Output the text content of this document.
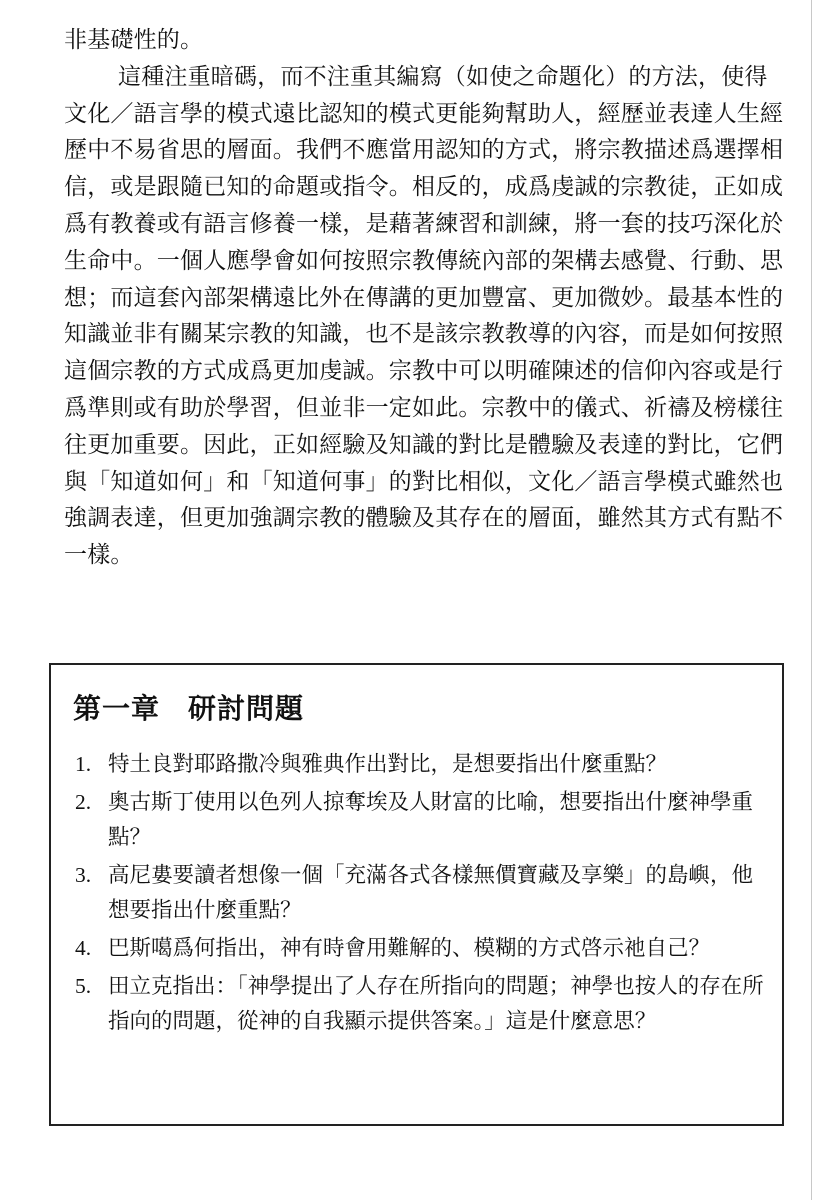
非基礎性的。

這種注重暗碼，而不注重其編寫（如使之命題化）的方法，使得文化／語言學的模式遠比認知的模式更能夠幫助人，經歷並表達人生經歷中不易省思的層面。我們不應當用認知的方式，將宗教描述爲選擇相信，或是跟隨已知的命題或指令。相反的，成爲虔誠的宗教徒，正如成爲有教養或有語言修養一樣，是藉著練習和訓練，將一套的技巧深化於生命中。一個人應學會如何按照宗教傳統內部的架構去感覺、行動、思想；而這套內部架構遠比外在傳講的更加豐富、更加微妙。最基本性的知識並非有關某宗教的知識，也不是該宗教教導的內容，而是如何按照這個宗教的方式成爲更加虔誠。宗教中可以明確陳述的信仰內容或是行爲準則或有助於學習，但並非一定如此。宗教中的儀式、祈禱及榜樣往往更加重要。因此，正如經驗及知識的對比是體驗及表達的對比，它們與「知道如何」和「知道何事」的對比相似，文化／語言學模式雖然也強調表達，但更加強調宗教的體驗及其存在的層面，雖然其方式有點不一樣。

第一章 研討問題
1. 特土良對耶路撒冷與雅典作出對比，是想要指出什麼重點？
2. 奧古斯丁使用以色列人掠奪埃及人財富的比喻，想要指出什麼神學重點？
3. 高尼婁要讀者想像一個「充滿各式各樣無價寶藏及享樂」的島嶼，他想要指出什麼重點？
4. 巴斯噶爲何指出，神有時會用難解的、模糊的方式啓示祂自己？
5. 田立克指出：「神學提出了人存在所指向的問題；神學也按人的存在所指向的問題，從神的自我顯示提供答案。」這是什麼意思？
